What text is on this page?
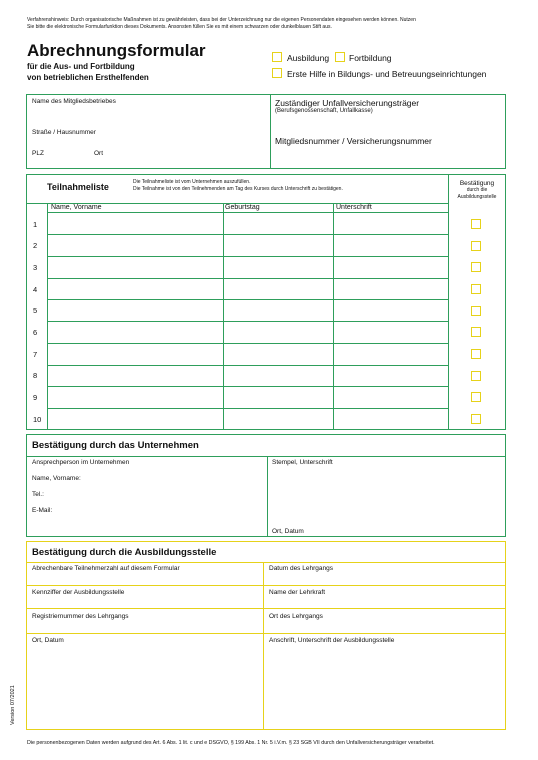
Verfahrenshinweis: Durch organisatorische Maßnahmen ist zu gewährleisten, dass bei der Unterzeichnung nur die eigenen Personendaten eingesehen werden können. Nutzen
Sie bitte die elektronische Formularfunktion dieses Dokuments. Ansonsten füllen Sie es mit einem schwarzen oder dunkelblauen Stift aus.
Abrechnungsformular
für die Aus- und Fortbildung
von betrieblichen Ersthelfenden
Ausbildung Fortbildung
Erste Hilfe in Bildungs- und Betreuungseinrichtungen
Name des Mitgliedsbetriebes
Straße / Hausnummer
PLZ	Ort
Zuständiger Unfallversicherungsträger
(Berufsgenossenschaft, Unfallkasse)
Mitgliedsnummer / Versicherungsnummer
Teilnahmeliste	Die Teilnahmeliste ist vom Unternehmen auszufüllen.
Die Teilnahme ist von den Teilnehmenden am Tag des Kurses durch Unterschrift zu bestätigen.
Bestätigung
durch die
Ausbildungsstelle
Name, Vorname	Geburtstag	Unterschrift
1
2
3
4
5
6
7
8
9
10
Bestätigung durch das Unternehmen
Ansprechperson im Unternehmen
Name, Vorname:
Tel.:
E-Mail:
Stempel, Unterschrift
Ort, Datum
Bestätigung durch die Ausbildungsstelle
Abrechenbare Teilnehmerzahl auf diesem Formular	Datum des Lehrgangs
Kennziffer der Ausbildungsstelle	Name der Lehrkraft
Registriernummer des Lehrgangs	Ort des Lehrgangs
Ort, Datum	Anschrift, Unterschrift der Ausbildungsstelle
Version 07/2021
Die personenbezogenen Daten werden aufgrund des Art. 6 Abs. 1 lit. c und e DSGVO, § 199 Abs. 1 Nr. 5 i.V.m. § 23 SGB VII durch den Unfallversicherungsträger verarbeitet.
